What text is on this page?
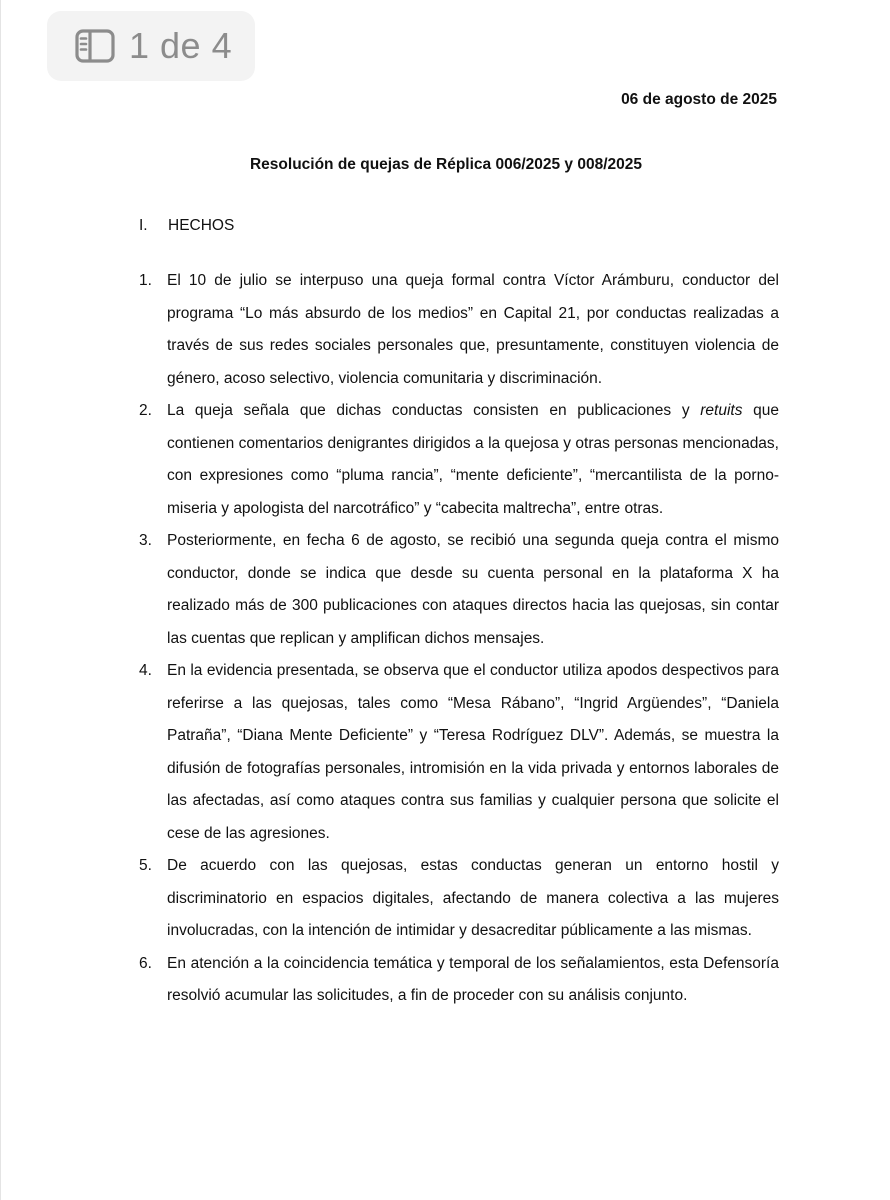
1 de 4
06 de agosto de 2025
Resolución de quejas de Réplica 006/2025 y 008/2025
I. HECHOS
1. El 10 de julio se interpuso una queja formal contra Víctor Arámburu, conductor del programa “Lo más absurdo de los medios” en Capital 21, por conductas realizadas a través de sus redes sociales personales que, presuntamente, constituyen violencia de género, acoso selectivo, violencia comunitaria y discriminación.
2. La queja señala que dichas conductas consisten en publicaciones y retuits que contienen comentarios denigrantes dirigidos a la quejosa y otras personas mencionadas, con expresiones como “pluma rancia”, “mente deficiente”, “mercantilista de la porno-miseria y apologista del narcotráfico” y “cabecita maltrecha”, entre otras.
3. Posteriormente, en fecha 6 de agosto, se recibió una segunda queja contra el mismo conductor, donde se indica que desde su cuenta personal en la plataforma X ha realizado más de 300 publicaciones con ataques directos hacia las quejosas, sin contar las cuentas que replican y amplifican dichos mensajes.
4. En la evidencia presentada, se observa que el conductor utiliza apodos despectivos para referirse a las quejosas, tales como “Mesa Rábano”, “Ingrid Argüendes”, “Daniela Patraña”, “Diana Mente Deficiente” y “Teresa Rodríguez DLV”. Además, se muestra la difusión de fotografías personales, intromisión en la vida privada y entornos laborales de las afectadas, así como ataques contra sus familias y cualquier persona que solicite el cese de las agresiones.
5. De acuerdo con las quejosas, estas conductas generan un entorno hostil y discriminatorio en espacios digitales, afectando de manera colectiva a las mujeres involucradas, con la intención de intimidar y desacreditar públicamente a las mismas.
6. En atención a la coincidencia temática y temporal de los señalamientos, esta Defensoría resolvió acumular las solicitudes, a fin de proceder con su análisis conjunto.
